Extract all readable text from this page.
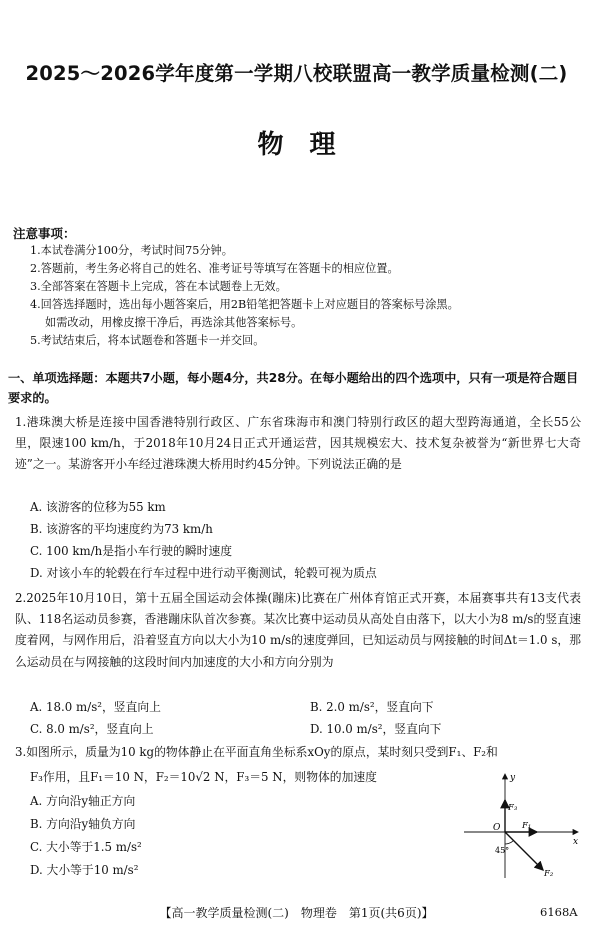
2025～2026学年度第一学期八校联盟高一教学质量检测(二)
物　理
注意事项：
1.本试卷满分100分，考试时间75分钟。
2.答题前，考生务必将自己的姓名、准考证号等填写在答题卡的相应位置。
3.全部答案在答题卡上完成，答在本试题卷上无效。
4.回答选择题时，选出每小题答案后，用2B铅笔把答题卡上对应题目的答案标号涂黑。
如需改动，用橡皮擦干净后，再选涂其他答案标号。
5.考试结束后，将本试题卷和答题卡一并交回。
一、单项选择题：本题共7小题，每小题4分，共28分。在每小题给出的四个选项中，只有一项是符合题目要求的。
1.港珠澳大桥是连接中国香港特别行政区、广东省珠海市和澳门特别行政区的超大型跨海通道，全长55公里，限速100 km/h，于2018年10月24日正式开通运营，因其规模宏大、技术复杂被誉为“新世界七大奇迹”之一。某游客开小车经过港珠澳大桥用时约45分钟。下列说法正确的是
A. 该游客的位移为55 km
B. 该游客的平均速度约为73 km/h
C. 100 km/h是指小车行驶的瞬时速度
D. 对该小车的轮毂在行车过程中进行动平衡测试，轮毂可视为质点
2.2025年10月10日，第十五届全国运动会体操(蹦床)比赛在广州体育馆正式开赛，本届赛事共有13支代表队、118名运动员参赛，香港蹦床队首次参赛。某次比赛中运动员从高处自由落下，以大小为8 m/s的竖直速度着网，与网作用后，沿着竖直方向以大小为10 m/s的速度弹回，已知运动员与网接触的时间Δt＝1.0 s，那么运动员在与网接触的这段时间内加速度的大小和方向分别为
A. 18.0 m/s²，竖直向上	B. 2.0 m/s²，竖直向下
C. 8.0 m/s²，竖直向上	D. 10.0 m/s²，竖直向下
3.如图所示，质量为10 kg的物体静止在平面直角坐标系xOy的原点，某时刻只受到F₁、F₂和
F₃作用，且F₁＝10 N，F₂＝10√2 N，F₃＝5 N，则物体的加速度
A. 方向沿y轴正方向
B. 方向沿y轴负方向
C. 大小等于1.5 m/s²
D. 大小等于10 m/s²
y
x
O
F₃
F₁
F₂
45°
【高一教学质量检测(二)　物理卷　第1页(共6页)】	6168A
